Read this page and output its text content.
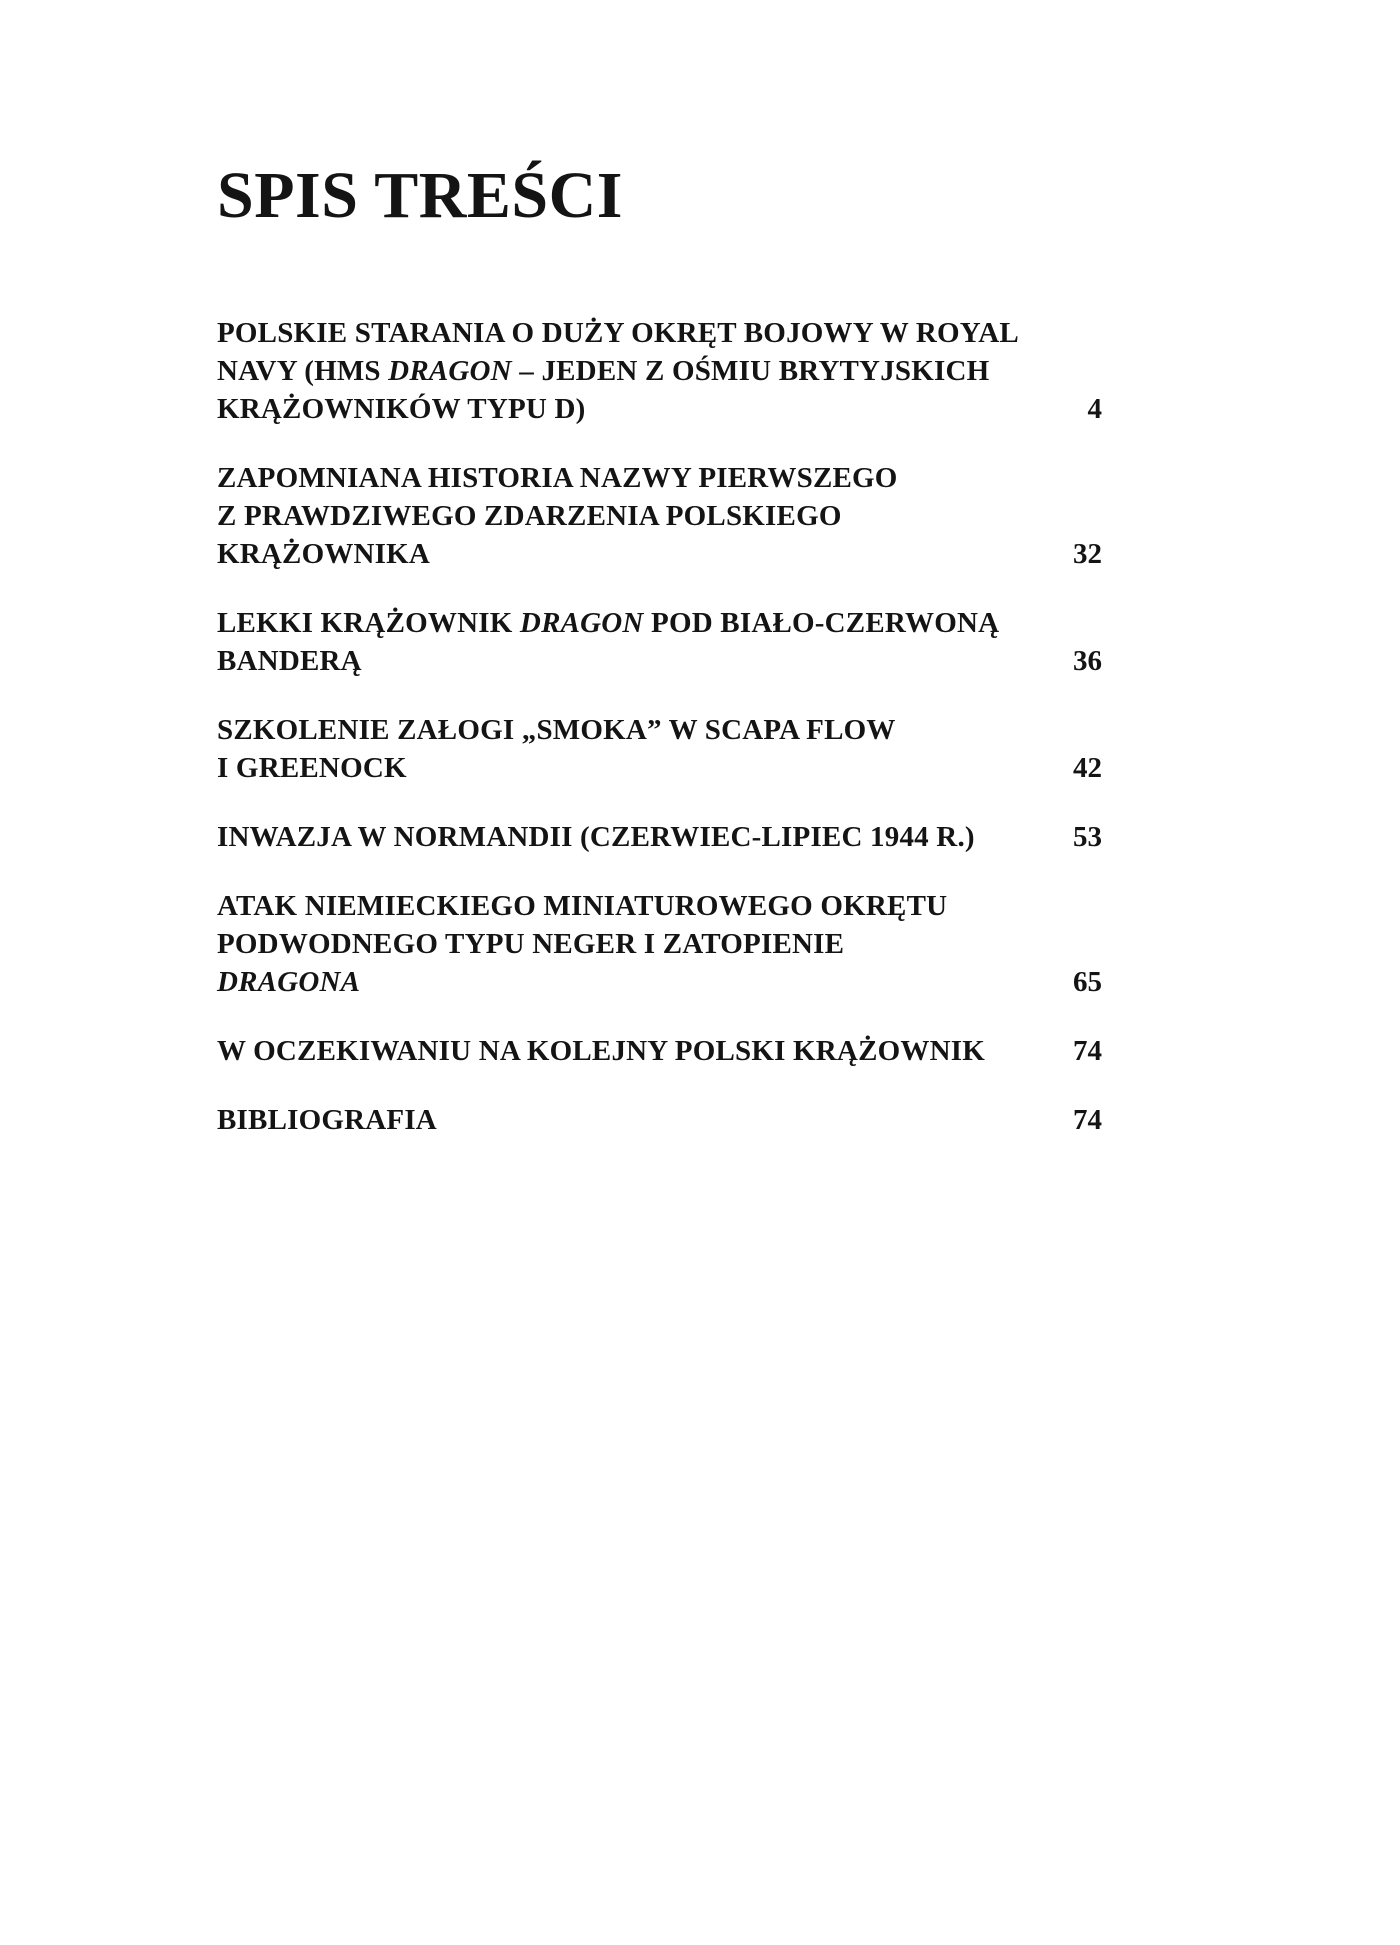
SPIS TREŚCI
POLSKIE STARANIA O DUŻY OKRĘT BOJOWY W ROYAL
NAVY (HMS DRAGON – JEDEN Z OŚMIU BRYTYJSKICH
KRĄŻOWNIKÓW TYPU D)	4
ZAPOMNIANA HISTORIA NAZWY PIERWSZEGO
Z PRAWDZIWEGO ZDARZENIA POLSKIEGO
KRĄŻOWNIKA	32
LEKKI KRĄŻOWNIK DRAGON POD BIAŁO-CZERWONĄ
BANDERĄ	36
SZKOLENIE ZAŁOGI „SMOKA” W SCAPA FLOW
I GREENOCK	42
INWAZJA W NORMANDII (CZERWIEC-LIPIEC 1944 R.)	53
ATAK NIEMIECKIEGO MINIATUROWEGO OKRĘTU
PODWODNEGO TYPU NEGER I ZATOPIENIE
DRAGONA	65
W OCZEKIWANIU NA KOLEJNY POLSKI KRĄŻOWNIK	74
BIBLIOGRAFIA	74
